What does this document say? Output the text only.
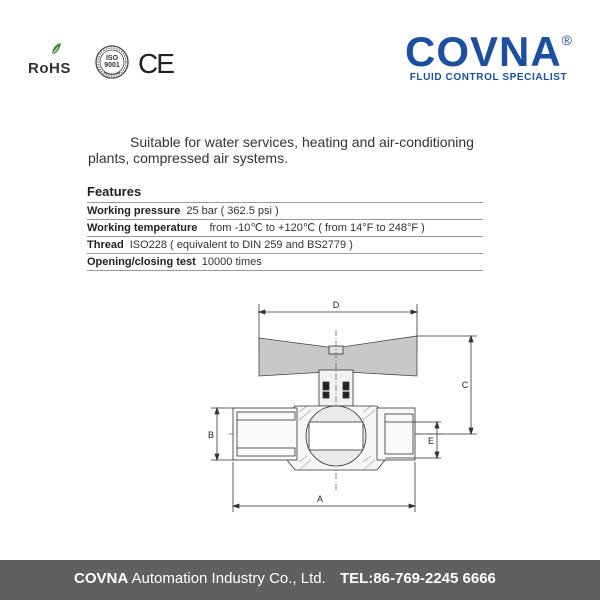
RoHS
ISO 9001 CE	COVNA®
FLUID CONTROL SPECIALIST
Suitable for water services, heating and air-conditioning
plants, compressed air systems.
Features
Working pressure 25 bar ( 362.5 psi )
Working temperature from -10℃ to +120℃ ( from 14°F to 248°F )
Thread ISO228 ( equivalent to DIN 259 and BS2779 )
Opening/closing test 10000 times
D
C
E
B
A
COVNA Automation Industry Co., Ltd. TEL:86-769-2245 6666
